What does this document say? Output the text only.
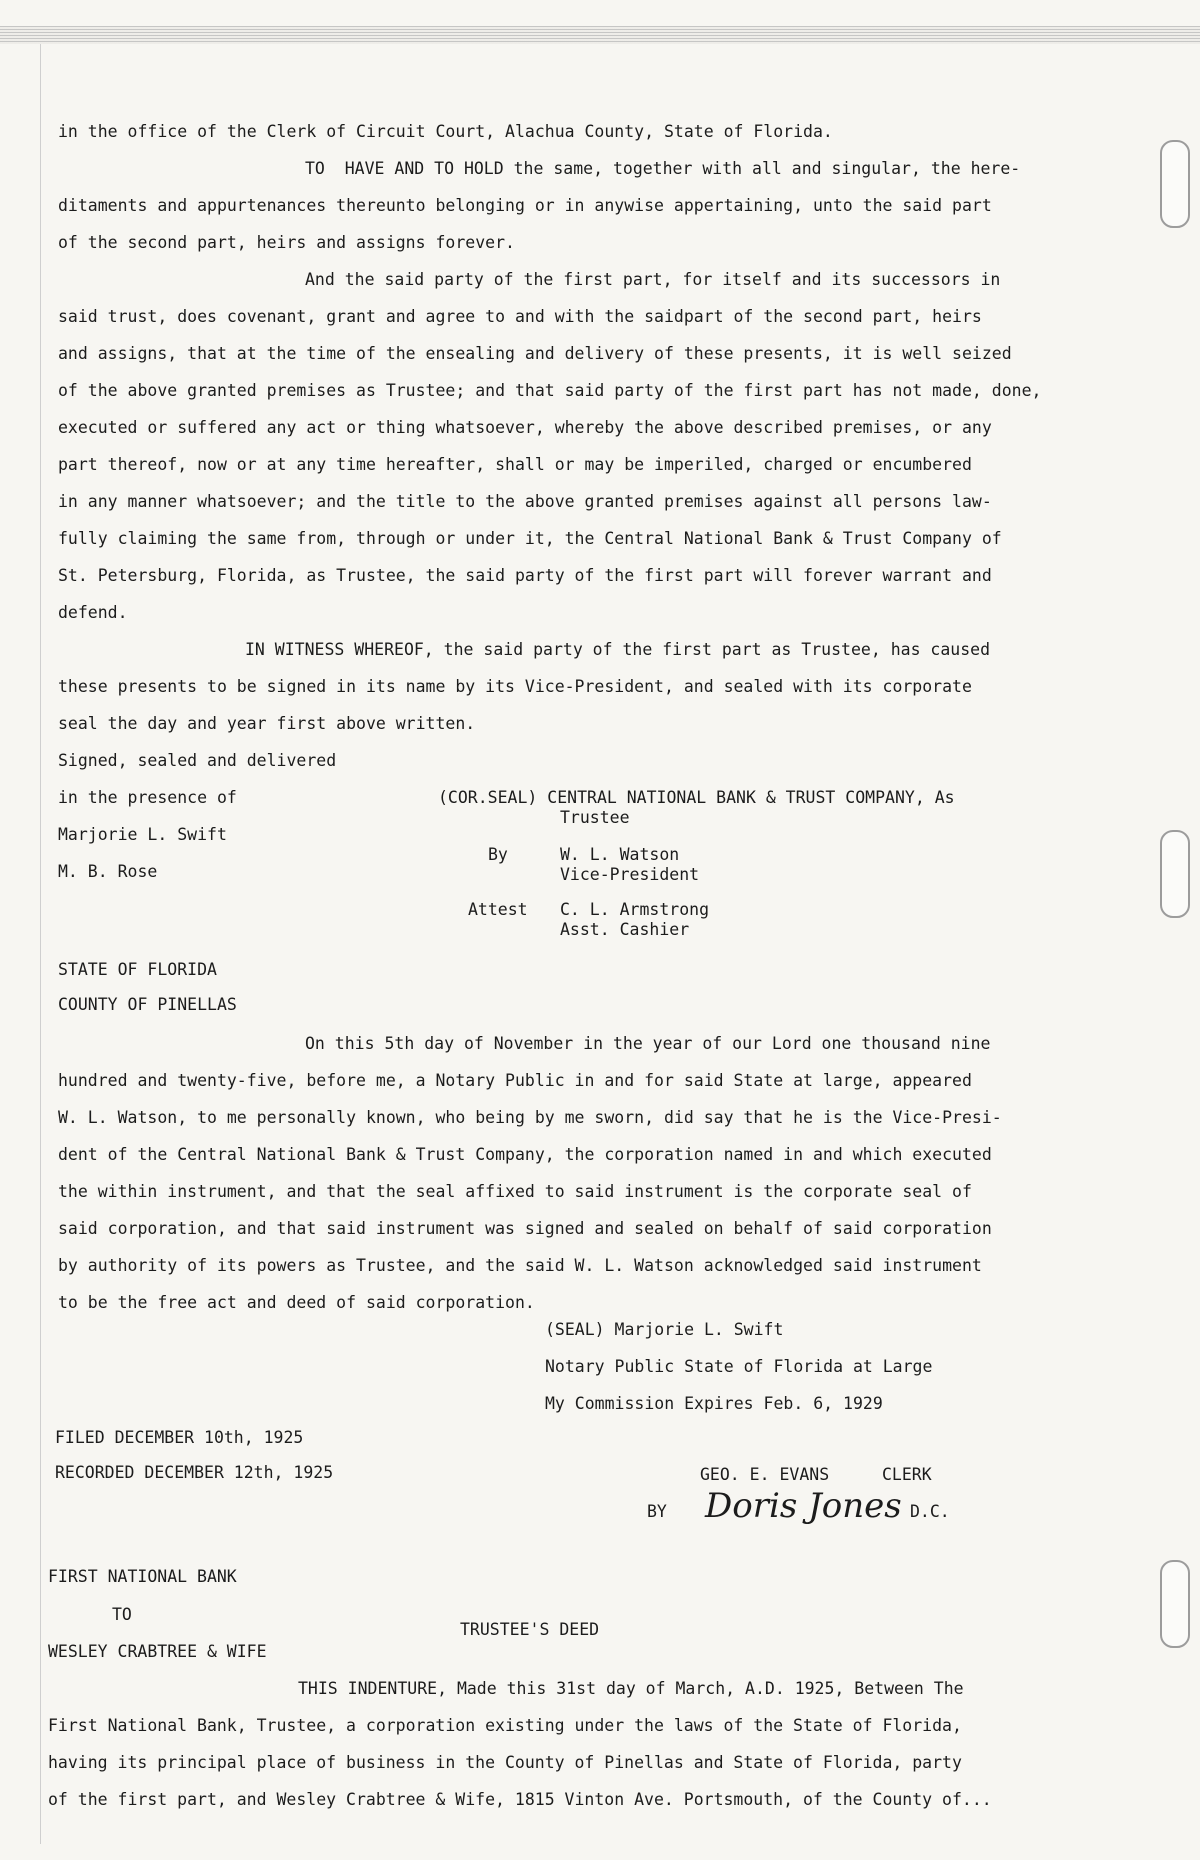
in the office of the Clerk of Circuit Court, Alachua County, State of Florida.
TO  HAVE AND TO HOLD the same, together with all and singular, the here-
ditaments and appurtenances thereunto belonging or in anywise appertaining, unto the said part
of the second part, heirs and assigns forever.
And the said party of the first part, for itself and its successors in
said trust, does covenant, grant and agree to and with the saidpart of the second part, heirs
and assigns, that at the time of the ensealing and delivery of these presents, it is well seized
of the above granted premises as Trustee; and that said party of the first part has not made, done,
executed or suffered any act or thing whatsoever, whereby the above described premises, or any
part thereof, now or at any time hereafter, shall or may be imperiled, charged or encumbered
in any manner whatsoever; and the title to the above granted premises against all persons law-
fully claiming the same from, through or under it, the Central National Bank & Trust Company of
St. Petersburg, Florida, as Trustee, the said party of the first part will forever warrant and
defend.
IN WITNESS WHEREOF, the said party of the first part as Trustee, has caused
these presents to be signed in its name by its Vice-President, and sealed with its corporate
seal the day and year first above written.
Signed, sealed and delivered
in the presence of	(COR.SEAL) CENTRAL NATIONAL BANK & TRUST COMPANY, As
Trustee
Marjorie L. Swift
By	W. L. Watson
M. B. Rose	Vice-President
Attest C. L. Armstrong
Asst. Cashier
STATE OF FLORIDA
COUNTY OF PINELLAS
On this 5th day of November in the year of our Lord one thousand nine
hundred and twenty-five, before me, a Notary Public in and for said State at large, appeared
W. L. Watson, to me personally known, who being by me sworn, did say that he is the Vice-Presi-
dent of the Central National Bank & Trust Company, the corporation named in and which executed
the within instrument, and that the seal affixed to said instrument is the corporate seal of
said corporation, and that said instrument was signed and sealed on behalf of said corporation
by authority of its powers as Trustee, and the said W. L. Watson acknowledged said instrument
to be the free act and deed of said corporation.
(SEAL) Marjorie L. Swift
Notary Public State of Florida at Large
My Commission Expires Feb. 6, 1929
FILED DECEMBER 10th, 1925
RECORDED DECEMBER 12th, 1925	GEO. E. EVANS	CLERK
BY Doris Jones D.C.
FIRST NATIONAL BANK
TO
TRUSTEE'S DEED
WESLEY CRABTREE & WIFE
THIS INDENTURE, Made this 31st day of March, A.D. 1925, Between The
First National Bank, Trustee, a corporation existing under the laws of the State of Florida,
having its principal place of business in the County of Pinellas and State of Florida, party
of the first part, and Wesley Crabtree & Wife, 1815 Vinton Ave. Portsmouth, of the County of...
